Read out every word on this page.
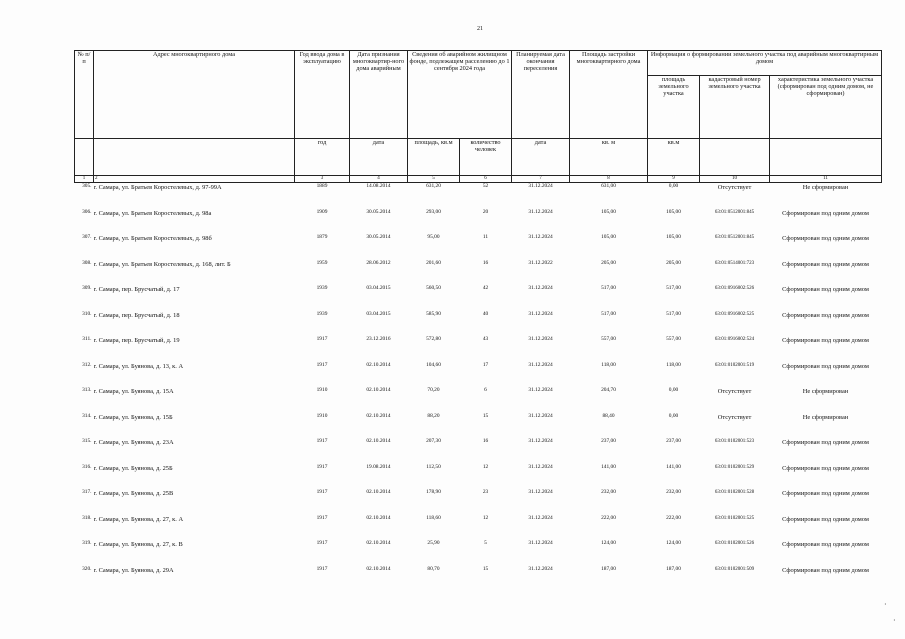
21
№ п/п	Адрес многоквартирного дома	Год ввода дома в эксплуатацию	Дата признания многоквартир-ного дома аварийным	Сведения об аварийном жилищном фонде, подлежащем расселению до 1 сентября 2024 года		Планируемая дата окончания переселения	Площадь застройки многоквартирного дома	Информация о формировании земельного участка под аварийным многоквартирным домом		
								площадь земельного участка	кадастровый номер земельного участка	характеристика земельного участка (сформирован под одним домом, не сформирован)
		год	дата	площадь, кв.м	количество человек	дата	кв. м	кв.м		
1	2	3	4	5	6	7	8	9	10	11
305.	г. Самара, ул. Братьев Коростелевых, д. 97-99А	1889	14.08.2014	631,20	52	31.12.2024	631,00	0,00	Отсутствует	Не сформирован
306.	г. Самара, ул. Братьев Коростелевых, д. 98а	1909	30.05.2014	293,00	20	31.12.2024	105,00	105,00	63:01:0512001:845	Сформирован под одним домом
307.	г. Самара, ул. Братьев Коростелевых, д. 98б	1879	30.05.2014	95,00	11	31.12.2024	105,00	105,00	63:01:0512001:845	Сформирован под одним домом
308.	г. Самара, ул. Братьев Коростелевых, д. 168, лит. Б	1959	28.06.2012	201,60	16	31.12.2022	205,00	205,00	63:01:0514001:723	Сформирован под одним домом
309.	г. Самара, пер. Брусчатый, д. 17	1939	03.04.2015	560,50	42	31.12.2024	517,00	517,00	63:01:0916002:526	Сформирован под одним домом
310.	г. Самара, пер. Брусчатый, д. 18	1939	03.04.2015	585,90	40	31.12.2024	517,00	517,00	63:01:0916002:525	Сформирован под одним домом
311.	г. Самара, пер. Брусчатый, д. 19	1917	23.12.2016	572,80	43	31.12.2024	557,00	557,00	63:01:0916002:524	Сформирован под одним домом
312.	г. Самара, ул. Буянова, д. 13, к. А	1917	02.10.2014	104,60	17	31.12.2024	118,00	118,00	63:01:0102001:519	Сформирован под одним домом
313.	г. Самара, ул. Буянова, д. 15А	1910	02.10.2014	70,20	6	31.12.2024	204,70	0,00	Отсутствует	Не сформирован
314.	г. Самара, ул. Буянова, д. 15Б	1910	02.10.2014	88,20	15	31.12.2024	88,40	0,00	Отсутствует	Не сформирован
315.	г. Самара, ул. Буянова, д. 23А	1917	02.10.2014	207,30	16	31.12.2024	237,00	237,00	63:01:0102001:523	Сформирован под одним домом
316.	г. Самара, ул. Буянова, д. 25Б	1917	19.08.2014	112,50	12	31.12.2024	141,00	141,00	63:01:0102001:529	Сформирован под одним домом
317.	г. Самара, ул. Буянова, д. 25В	1917	02.10.2014	178,90	23	31.12.2024	232,00	232,00	63:01:0102001:528	Сформирован под одним домом
318.	г. Самара, ул. Буянова, д. 27, к. А	1917	02.10.2014	118,60	12	31.12.2024	222,00	222,00	63:01:0102001:525	Сформирован под одним домом
319.	г. Самара, ул. Буянова, д. 27, к. В	1917	02.10.2014	25,90	5	31.12.2024	124,00	124,00	63:01:0102001:526	Сформирован под одним домом
320.	г. Самара, ул. Буянова, д. 29А	1917	02.10.2014	80,70	15	31.12.2024	187,00	187,00	63:01:0102001:509	Сформирован под одним домом
·
·
